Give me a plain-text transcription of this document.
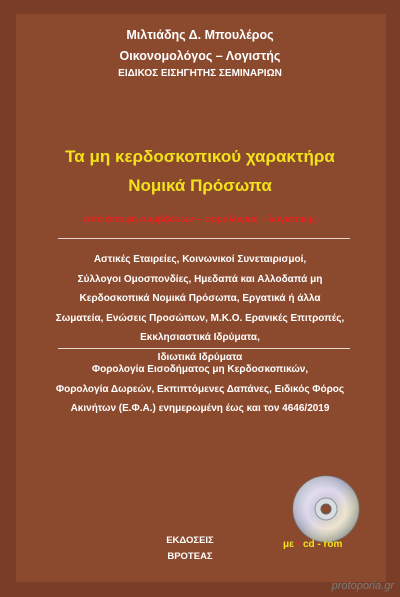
Μιλτιάδης Δ. Μπουλέρος
Οικονομολόγος – Λογιστής
ΕΙΔΙΚΟΣ ΕΙΣΗΓΗΤΗΣ ΣΕΜΙΝΑΡΙΩΝ
Τα μη κερδοσκοπικού χαρακτήρα
Νομικά Πρόσωπα
Από άποψη συμβάσεων – φορολογίας – λογιστικής
Αστικές Εταιρείες, Κοινωνικοί Συνεταιρισμοί,
Σύλλογοι Ομοσπονδίες, Ημεδαπά και Αλλοδαπά μη
Κερδοσκοπικά Νομικά Πρόσωπα, Εργατικά ή άλλα
Σωματεία, Ενώσεις Προσώπων, Μ.Κ.Ο. Ερανικές Επιτροπές,
Εκκλησιαστικά Ιδρύματα,
Ιδιωτικά Ιδρύματα
Φορολογία Εισοδήματος μη Κερδοσκοπικών,
Φορολογία Δωρεών, Εκπιπτόμενες Δαπάνες, Ειδικός Φόρος
Ακινήτων (Ε.Φ.Α.) ενημερωμένη έως και τον 4646/2019
ΕΚΔΟΣΕΙΣ
ΒΡΟΤΕΑΣ
με • cd - rom
protoporia.gr
